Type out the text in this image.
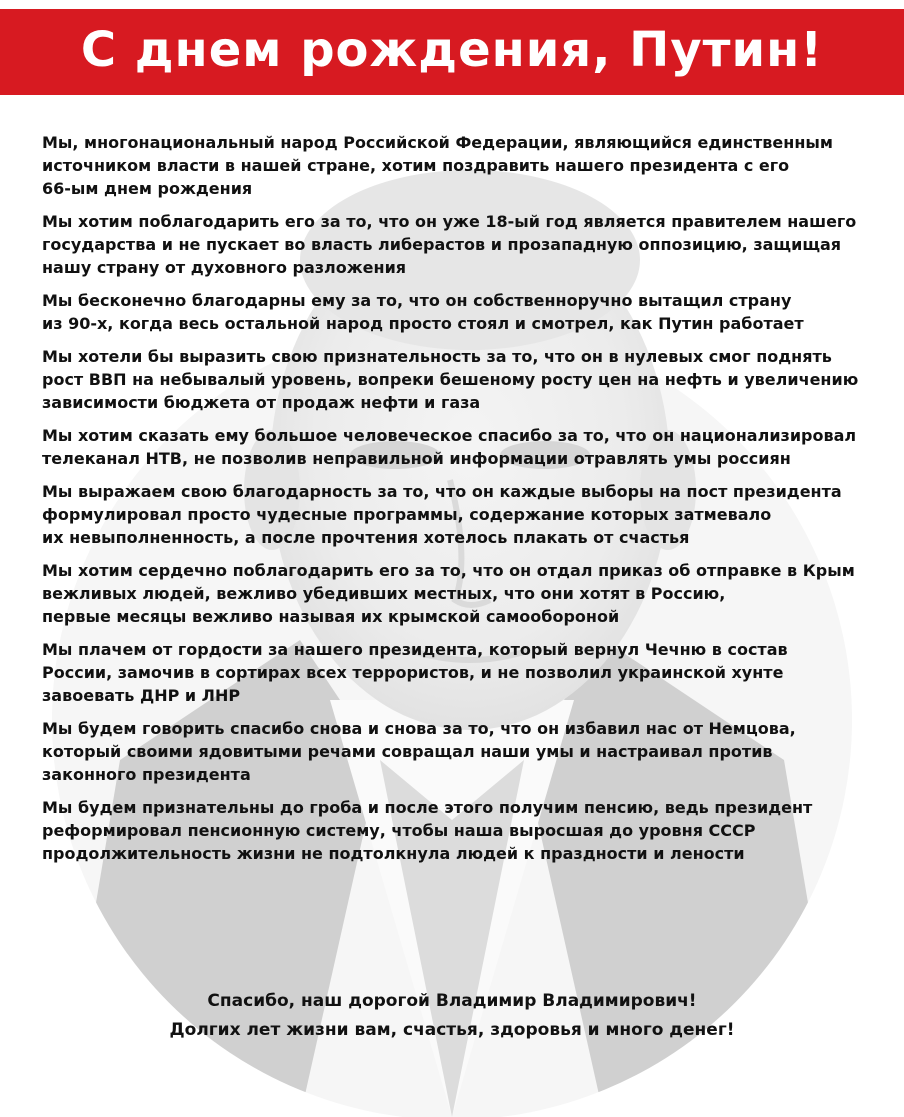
С днем рождения, Путин!

Мы, многонациональный народ Российской Федерации, являющийся единственным
источником власти в нашей стране, хотим поздравить нашего президента с его
66-ым днем рождения

Мы хотим поблагодарить его за то, что он уже 18-ый год является правителем нашего
государства и не пускает во власть либерастов и прозападную оппозицию, защищая
нашу страну от духовного разложения

Мы бесконечно благодарны ему за то, что он собственноручно вытащил страну
из 90-х, когда весь остальной народ просто стоял и смотрел, как Путин работает

Мы хотели бы выразить свою признательность за то, что он в нулевых смог поднять
рост ВВП на небывалый уровень, вопреки бешеному росту цен на нефть и увеличению
зависимости бюджета от продаж нефти и газа

Мы хотим сказать ему большое человеческое спасибо за то, что он национализировал
телеканал НТВ, не позволив неправильной информации отравлять умы россиян

Мы выражаем свою благодарность за то, что он каждые выборы на пост президента
формулировал просто чудесные программы, содержание которых затмевало
их невыполненность, а после прочтения хотелось плакать от счастья

Мы хотим сердечно поблагодарить его за то, что он отдал приказ об отправке в Крым
вежливых людей, вежливо убедивших местных, что они хотят в Россию,
первые месяцы вежливо называя их крымской самообороной

Мы плачем от гордости за нашего президента, который вернул Чечню в состав
России, замочив в сортирах всех террористов, и не позволил украинской хунте
завоевать ДНР и ЛНР

Мы будем говорить спасибо снова и снова за то, что он избавил нас от Немцова,
который своими ядовитыми речами совращал наши умы и настраивал против
законного президента

Мы будем признательны до гроба и после этого получим пенсию, ведь президент
реформировал пенсионную систему, чтобы наша выросшая до уровня СССР
продолжительность жизни не подтолкнула людей к праздности и лености

Спасибо, наш дорогой Владимир Владимирович!
Долгих лет жизни вам, счастья, здоровья и много денег!
